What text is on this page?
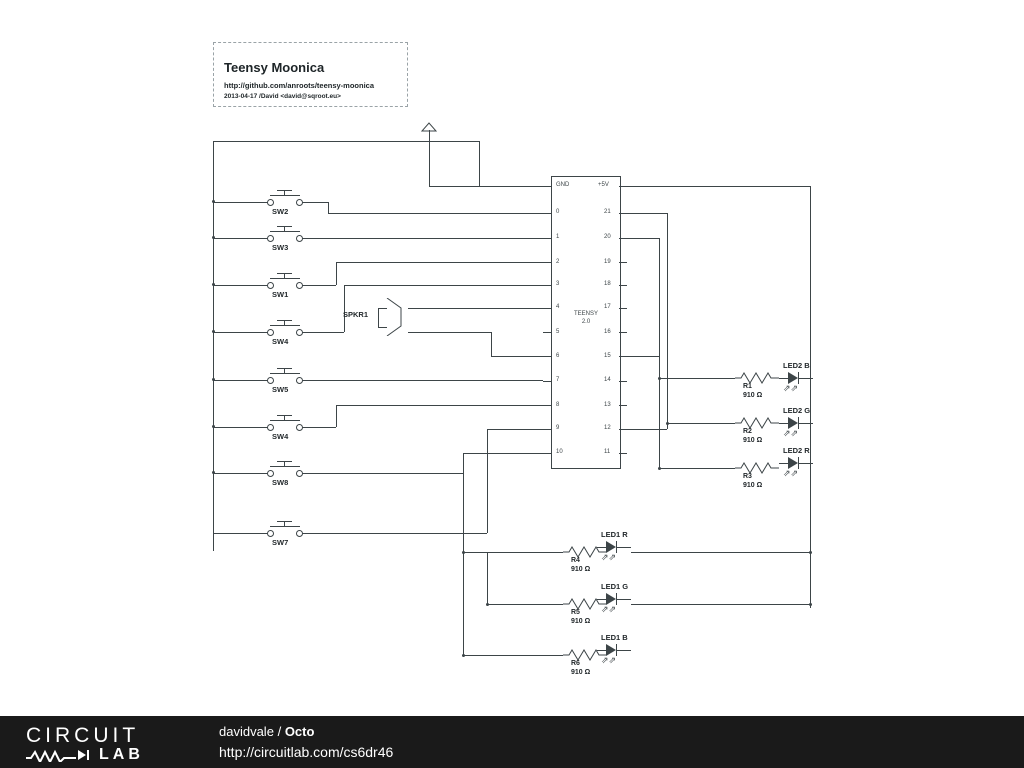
Teensy Moonica
http://github.com/anroots/teensy-moonica
2013-04-17 /David <david@sqroot.eu>
TEENSY
2.0
GND	+5V
0
1
2
3
4
5
6
7
8
9
10
21
20
19
18
17
16
15
14
13
12
11
SW2
SW3
SW1
SW4
SW5
SW4
SW8
SW7
SPKR1
R1
910 Ω
LED2 B
⇗⇗
R2
910 Ω
LED2 G
⇗⇗
R3
910 Ω
LED2 R
⇗⇗
R4
910 Ω
LED1 R
⇗⇗
R5
910 Ω
LED1 G
⇗⇗
R6
910 Ω
LED1 B
⇗⇗
CIRCUIT
LAB
davidvale / Octo
http://circuitlab.com/cs6dr46
